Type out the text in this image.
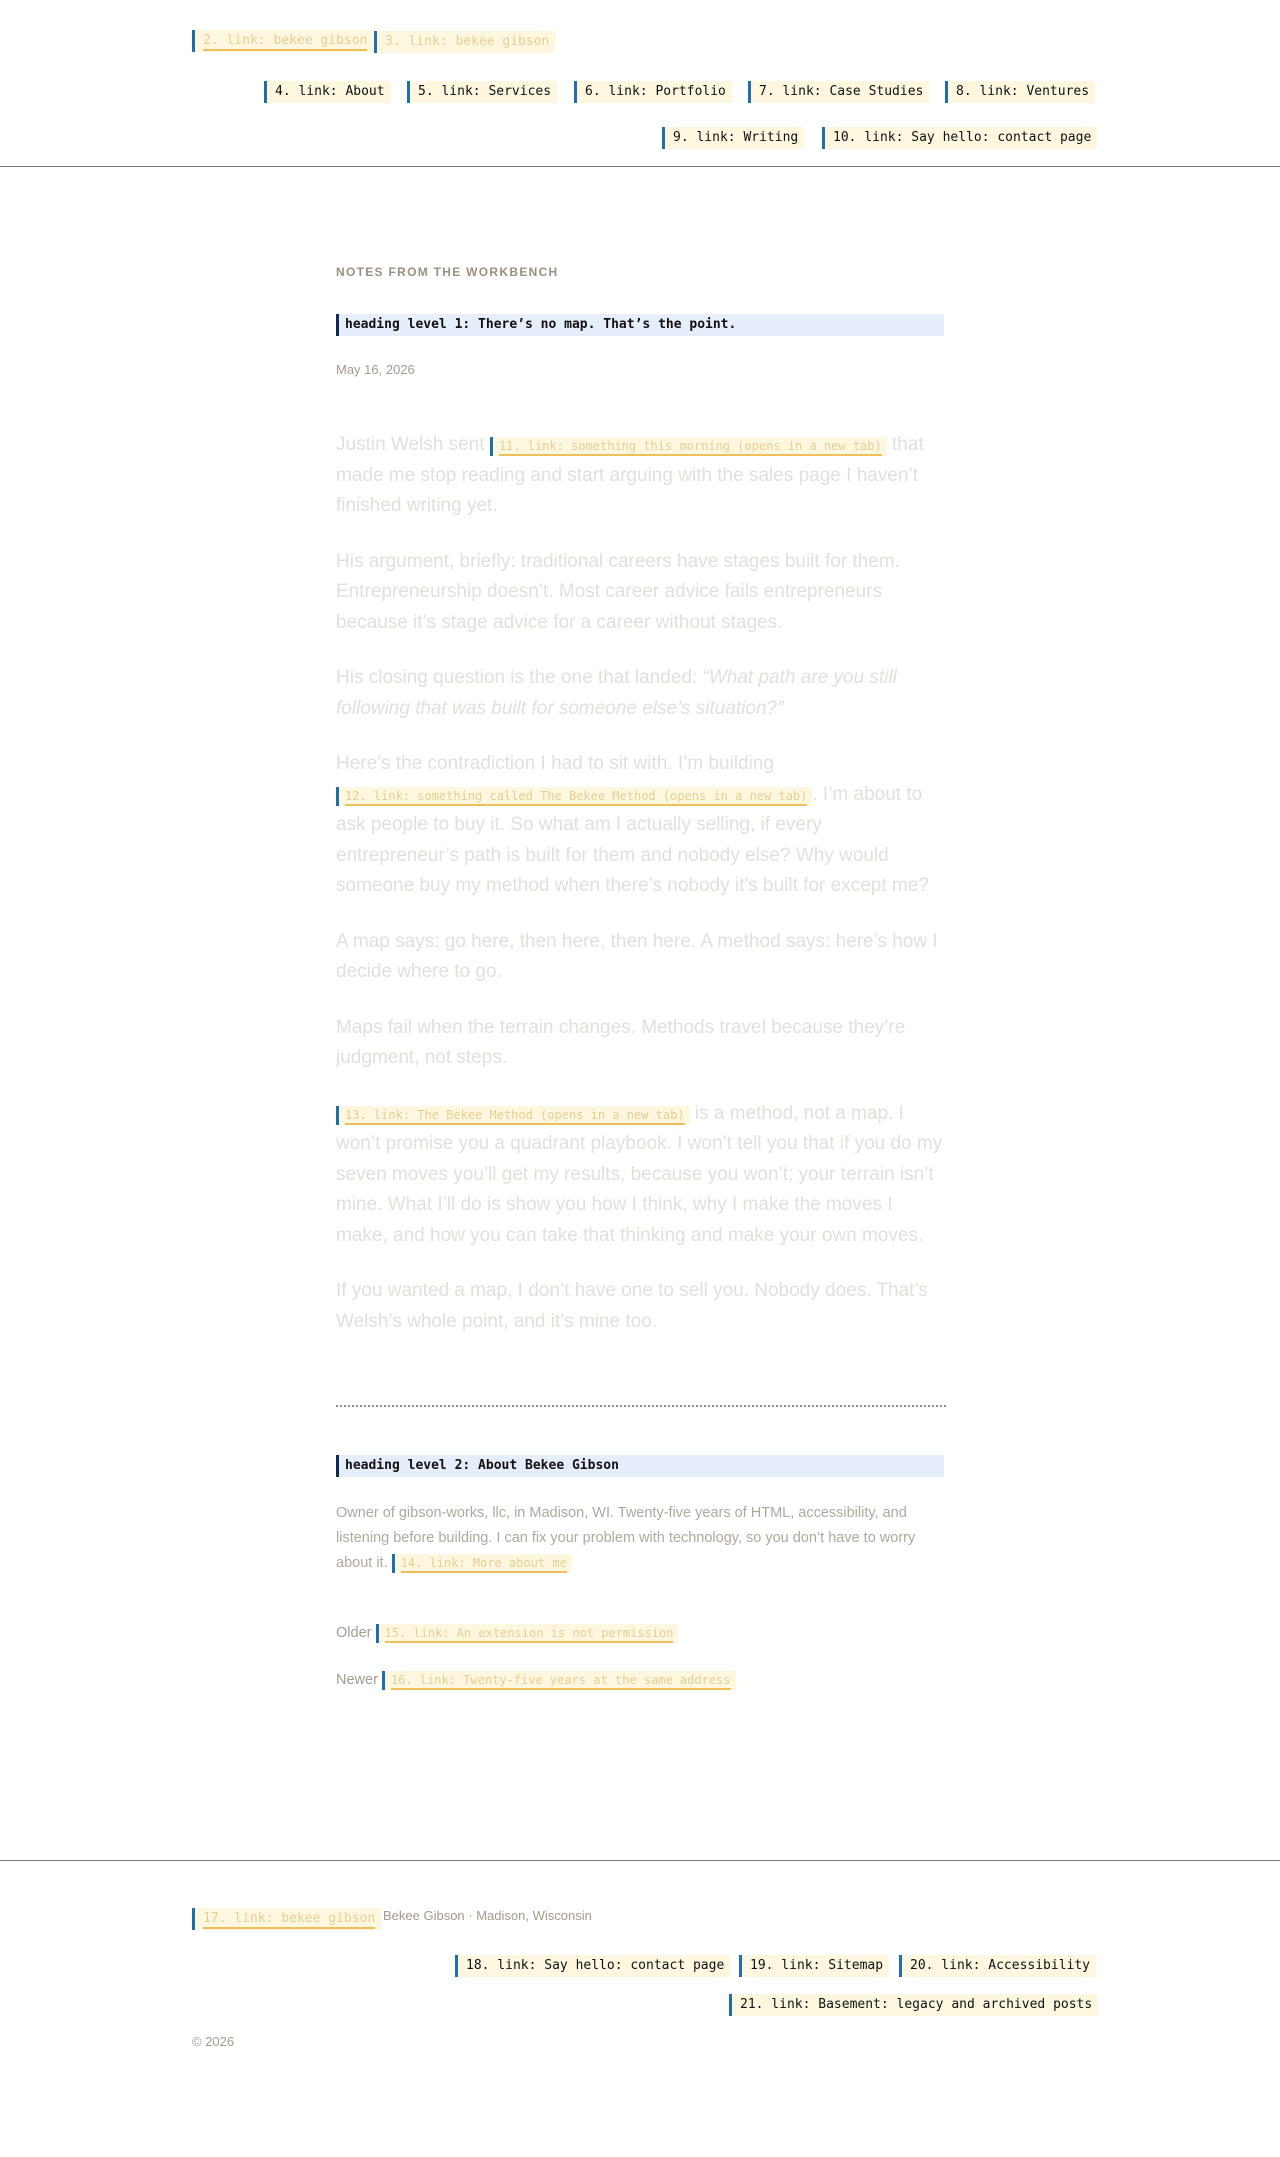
2. link: bekee gibson	3. link: bekee gibson
4. link: About	5. link: Services	6. link: Portfolio	7. link: Case Studies	8. link: Ventures
9. link: Writing	10. link: Say hello: contact page
NOTES FROM THE WORKBENCH
heading level 1: There’s no map. That’s the point.
May 16, 2026

Justin Welsh sent 11. link: something this morning (opens in a new tab) that made me stop reading and start arguing with the sales page I haven’t finished writing yet.

His argument, briefly: traditional careers have stages built for them. Entrepreneurship doesn’t. Most career advice fails entrepreneurs because it’s stage advice for a career without stages.

His closing question is the one that landed: “What path are you still following that was built for someone else’s situation?”

Here’s the contradiction I had to sit with. I’m building 12. link: something called The Bekee Method (opens in a new tab) . I’m about to ask people to buy it. So what am I actually selling, if every entrepreneur’s path is built for them and nobody else? Why would someone buy my method when there’s nobody it’s built for except me?

A map says: go here, then here, then here. A method says: here’s how I decide where to go.

Maps fail when the terrain changes. Methods travel because they’re judgment, not steps.

13. link: The Bekee Method (opens in a new tab) is a method, not a map. I won’t promise you a quadrant playbook. I won’t tell you that if you do my seven moves you’ll get my results, because you won’t; your terrain isn’t mine. What I’ll do is show you how I think, why I make the moves I make, and how you can take that thinking and make your own moves.

If you wanted a map, I don’t have one to sell you. Nobody does. That’s Welsh’s whole point, and it’s mine too.

heading level 2: About Bekee Gibson
Owner of gibson-works, llc, in Madison, WI. Twenty-five years of HTML, accessibility, and listening before building. I can fix your problem with technology, so you don’t have to worry about it. 14. link: More about me
Older 15. link: An extension is not permission
Newer 16. link: Twenty-five years at the same address
17. link: bekee gibson Bekee Gibson · Madison, Wisconsin
18. link: Say hello: contact page	19. link: Sitemap	20. link: Accessibility
21. link: Basement: legacy and archived posts
© 2026
